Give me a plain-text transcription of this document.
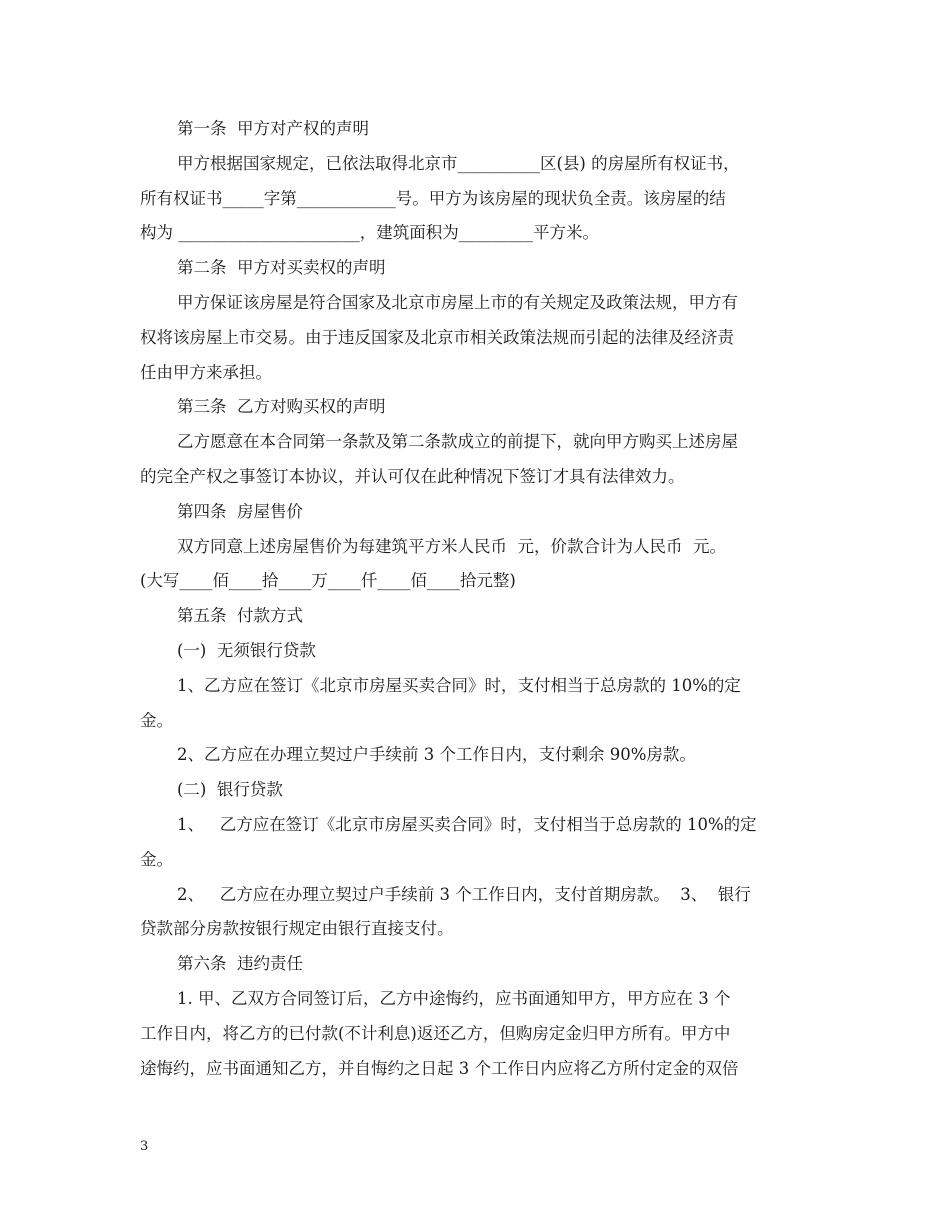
第一条  甲方对产权的声明
甲方根据国家规定，已依法取得北京市__________区(县) 的房屋所有权证书，
所有权证书_____字第____________号。甲方为该房屋的现状负全责。该房屋的结
构为 ______________________，建筑面积为_________平方米。
第二条  甲方对买卖权的声明
甲方保证该房屋是符合国家及北京市房屋上市的有关规定及政策法规，甲方有
权将该房屋上市交易。由于违反国家及北京市相关政策法规而引起的法律及经济责
任由甲方来承担。
第三条  乙方对购买权的声明
乙方愿意在本合同第一条款及第二条款成立的前提下，就向甲方购买上述房屋
的完全产权之事签订本协议，并认可仅在此种情况下签订才具有法律效力。
第四条  房屋售价
双方同意上述房屋售价为每建筑平方米人民币  元，价款合计为人民币  元。
(大写____佰____拾____万____仟____佰____拾元整)
第五条  付款方式
(一)  无须银行贷款
1、乙方应在签订《北京市房屋买卖合同》时，支付相当于总房款的 10%的定
金。
2、乙方应在办理立契过户手续前 3 个工作日内，支付剩余 90%房款。
(二)  银行贷款
1、   乙方应在签订《北京市房屋买卖合同》时，支付相当于总房款的 10%的定
金。
2、   乙方应在办理立契过户手续前 3 个工作日内，支付首期房款。  3、  银行
贷款部分房款按银行规定由银行直接支付。
第六条  违约责任
1. 甲、乙双方合同签订后，乙方中途悔约，应书面通知甲方，甲方应在 3 个
工作日内，将乙方的已付款(不计利息)返还乙方，但购房定金归甲方所有。甲方中
途悔约，应书面通知乙方，并自悔约之日起 3 个工作日内应将乙方所付定金的双倍
3
